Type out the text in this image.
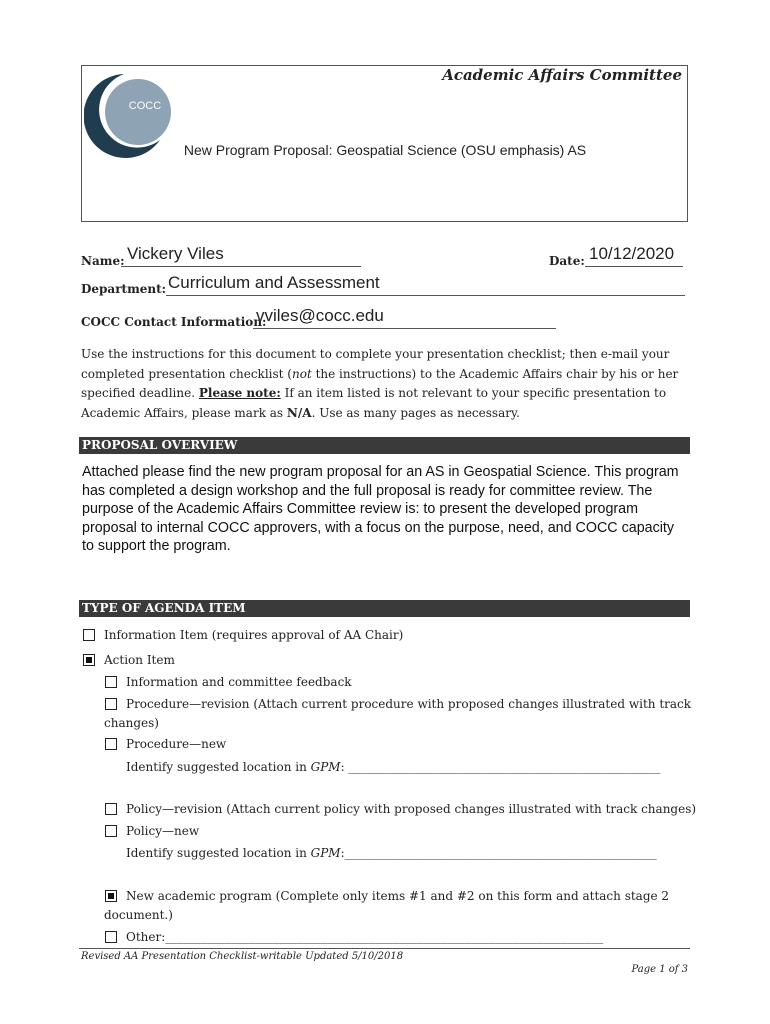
COCC
Academic Affairs Committee
New Program Proposal: Geospatial Science (OSU emphasis) AS
Name: Vickery Viles	Date: 10/12/2020
Department: Curriculum and Assessment
COCC Contact Information:
vviles@cocc.edu
Use the instructions for this document to complete your presentation checklist; then e-mail your completed presentation checklist (not the instructions) to the Academic Affairs chair by his or her specified deadline. Please note: If an item listed is not relevant to your specific presentation to Academic Affairs, please mark as N/A. Use as many pages as necessary.
PROPOSAL OVERVIEW
Attached please find the new program proposal for an AS in Geospatial Science. This program has completed a design workshop and the full proposal is ready for committee review. The purpose of the Academic Affairs Committee review is: to present the developed program proposal to internal COCC approvers, with a focus on the purpose, need, and COCC capacity to support the program.
TYPE OF AGENDA ITEM
Information Item (requires approval of AA Chair)
Action Item
Information and committee feedback
Procedure—revision (Attach current procedure with proposed changes illustrated with track
changes)
Procedure—new
Identify suggested location in GPM: ____________________________________________________
Policy—revision (Attach current policy with proposed changes illustrated with track changes)
Policy—new
Identify suggested location in GPM:____________________________________________________
New academic program (Complete only items #1 and #2 on this form and attach stage 2
document.)
Other:_________________________________________________________________________
Revised AA Presentation Checklist-writable Updated 5/10/2018
Page 1 of 3
